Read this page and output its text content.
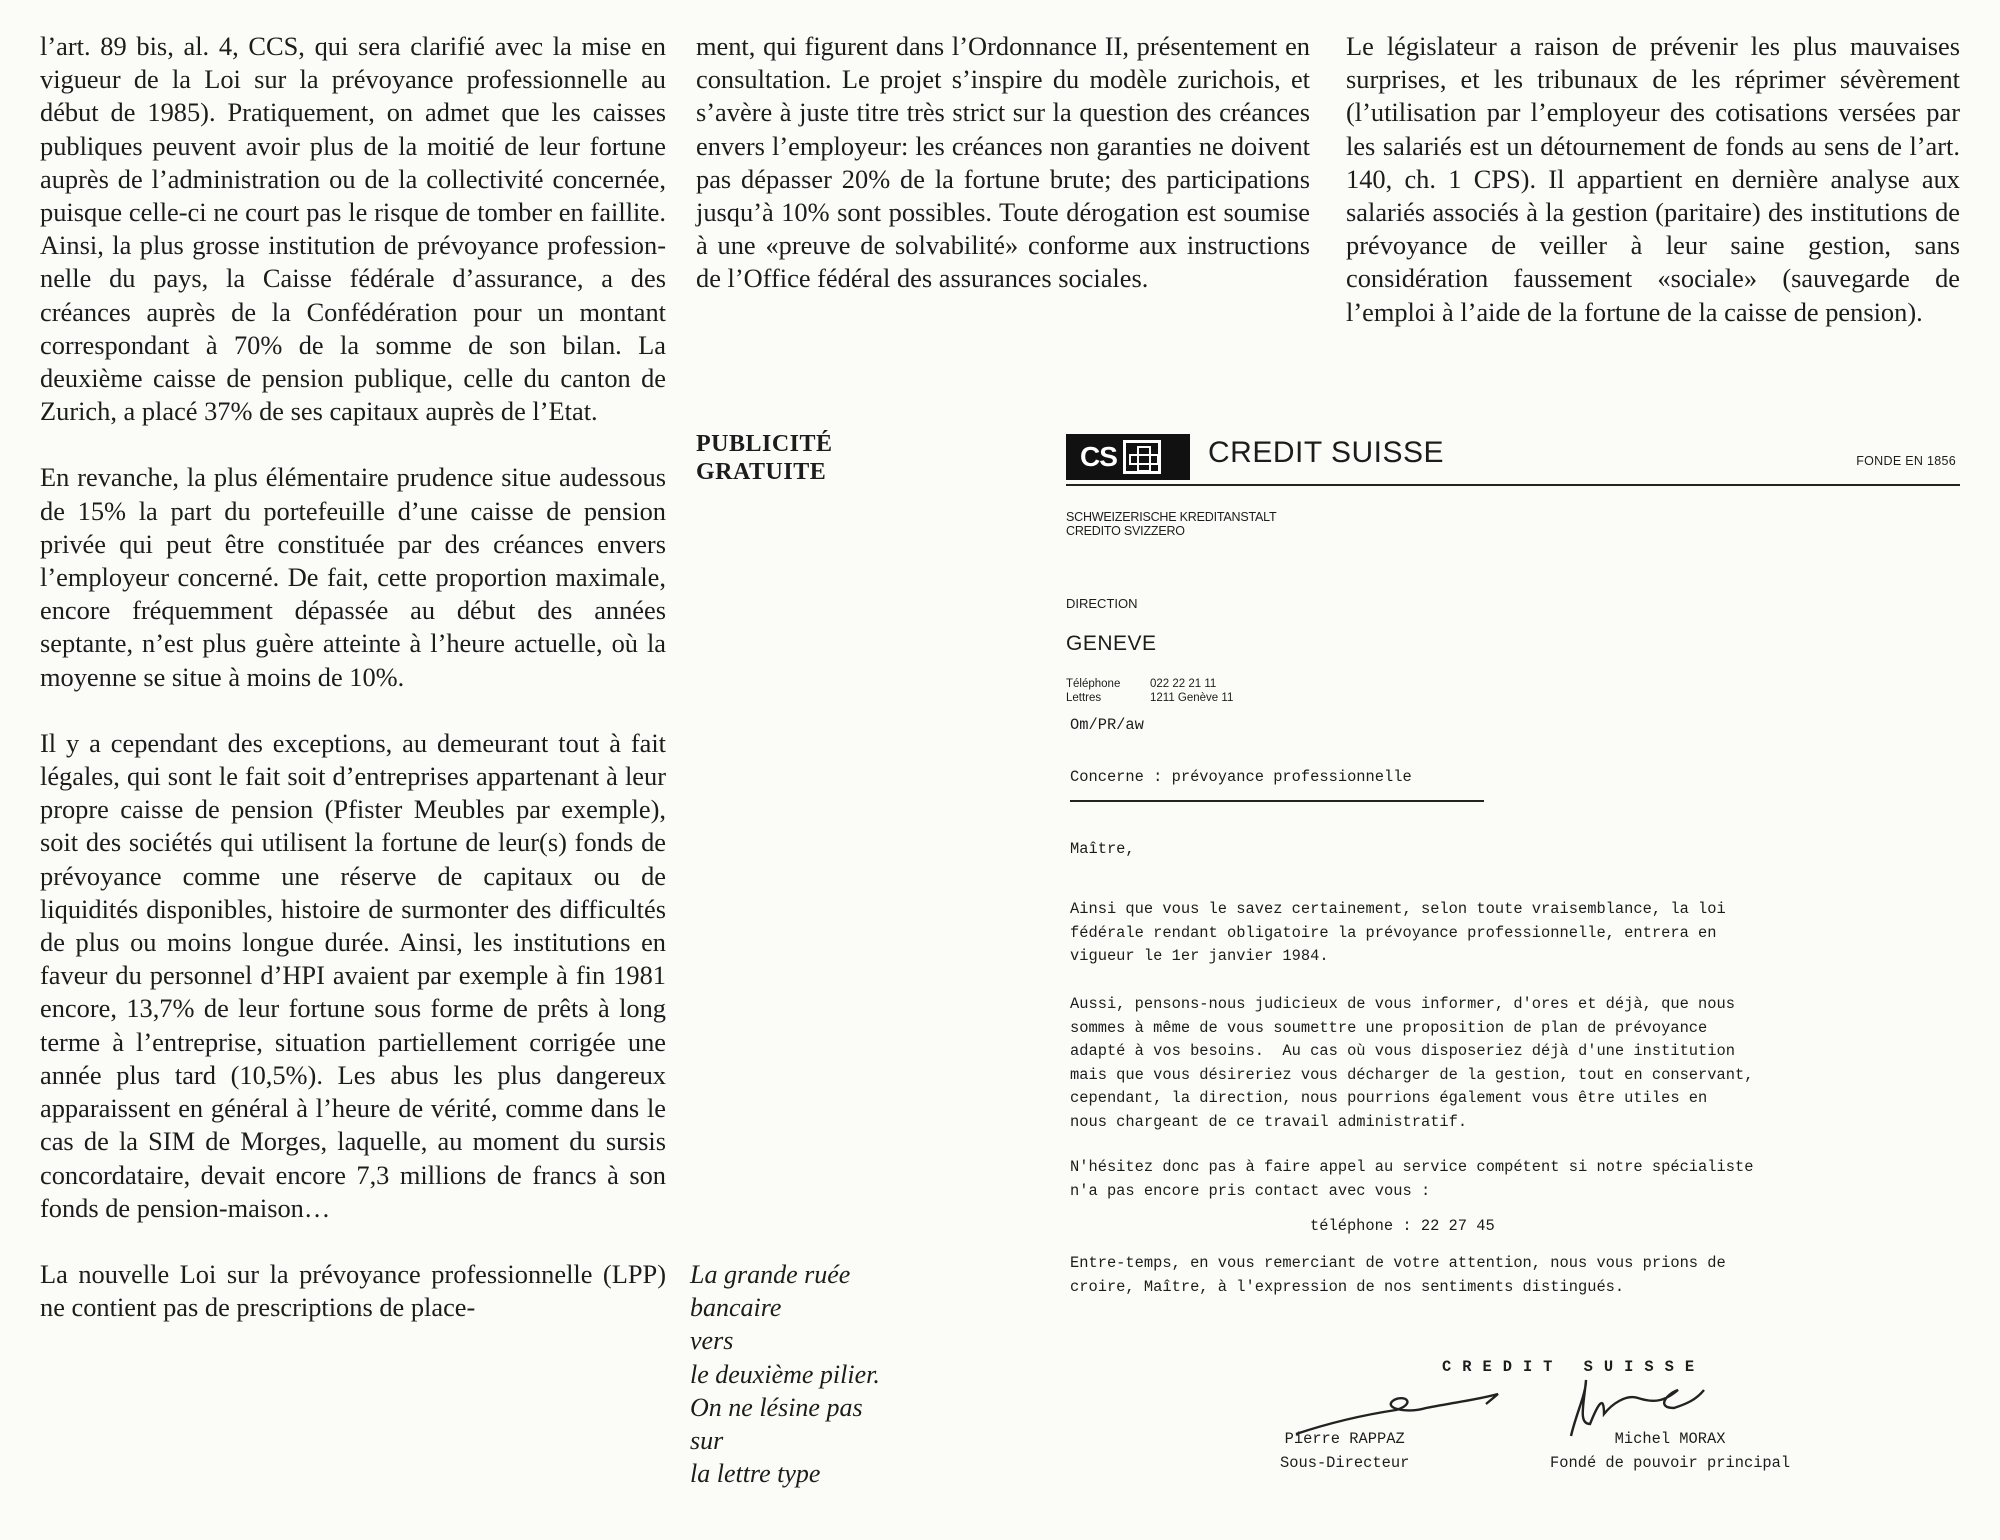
l’art. 89 bis, al. 4, CCS, qui sera clarifié avec la mise en vigueur de la Loi sur la prévoyance professionnelle au début de 1985). Pratiquement, on admet que les caisses publiques peuvent avoir plus de la moitié de leur fortune auprès de l’administration ou de la collectivité concernée, puisque celle-ci ne court pas le risque de tomber en faillite. Ainsi, la plus grosse institution de prévoyance professionnelle du pays, la Caisse fédérale d’assurance, a des créances auprès de la Confédération pour un montant correspondant à 70% de la somme de son bilan. La deuxième caisse de pension publique, celle du canton de Zurich, a placé 37% de ses capitaux auprès de l’Etat.

En revanche, la plus élémentaire prudence situe audessous de 15% la part du portefeuille d’une caisse de pension privée qui peut être constituée par des créances envers l’employeur concerné. De fait, cette proportion maximale, encore fréquemment dépassée au début des années septante, n’est plus guère atteinte à l’heure actuelle, où la moyenne se situe à moins de 10%.

Il y a cependant des exceptions, au demeurant tout à fait légales, qui sont le fait soit d’entreprises appartenant à leur propre caisse de pension (Pfister Meubles par exemple), soit des sociétés qui utilisent la fortune de leur(s) fonds de prévoyance comme une réserve de capitaux ou de liquidités disponibles, histoire de surmonter des difficultés de plus ou moins longue durée. Ainsi, les institutions en faveur du personnel d’HPI avaient par exemple à fin 1981 encore, 13,7% de leur fortune sous forme de prêts à long terme à l’entreprise, situation partiellement corrigée une année plus tard (10,5%). Les abus les plus dangereux apparaissent en général à l’heure de vérité, comme dans le cas de la SIM de Morges, laquelle, au moment du sursis concordataire, devait encore 7,3 millions de francs à son fonds de pension-maison…

La nouvelle Loi sur la prévoyance professionnelle (LPP) ne contient pas de prescriptions de place-

ment, qui figurent dans l’Ordonnance II, présentement en consultation. Le projet s’inspire du modèle zurichois, et s’avère à juste titre très strict sur la question des créances envers l’employeur: les créances non garanties ne doivent pas dépasser 20% de la fortune brute; des participations jusqu’à 10% sont possibles. Toute dérogation est soumise à une «preuve de solvabilité» conforme aux instructions de l’Office fédéral des assurances sociales.

Le législateur a raison de prévenir les plus mauvaises surprises, et les tribunaux de les réprimer sévèrement (l’utilisation par l’employeur des cotisations versées par les salariés est un détournement de fonds au sens de l’art. 140, ch. 1 CPS). Il appartient en dernière analyse aux salariés associés à la gestion (paritaire) des institutions de prévoyance de veiller à leur saine gestion, sans considération faussement «sociale» (sauvegarde de l’emploi à l’aide de la fortune de la caisse de pension).

PUBLICITÉ
GRATUITE
La grande ruée
bancaire
vers
le deuxième pilier.
On ne lésine pas
sur
la lettre type
CS	CREDIT SUISSE	FONDE EN 1856
SCHWEIZERISCHE KREDITANSTALT
CREDITO SVIZZERO
DIRECTION
GENEVE
Téléphone	022 22 21 11
Lettres	1211 Genève 11
Om/PR/aw
Concerne : prévoyance professionnelle
Maître,
Ainsi que vous le savez certainement, selon toute vraisemblance, la loi
fédérale rendant obligatoire la prévoyance professionnelle, entrera en
vigueur le 1er janvier 1984.
Aussi, pensons-nous judicieux de vous informer, d'ores et déjà, que nous
sommes à même de vous soumettre une proposition de plan de prévoyance
adapté à vos besoins.  Au cas où vous disposeriez déjà d'une institution
mais que vous désireriez vous décharger de la gestion, tout en conservant,
cependant, la direction, nous pourrions également vous être utiles en
nous chargeant de ce travail administratif.
N'hésitez donc pas à faire appel au service compétent si notre spécialiste
n'a pas encore pris contact avec vous :
téléphone : 22 27 45
Entre-temps, en vous remerciant de votre attention, nous vous prions de
croire, Maître, à l'expression de nos sentiments distingués.
CREDIT SUISSE
Pierre RAPPAZ
Sous-Directeur
Michel MORAX
Fondé de pouvoir principal
